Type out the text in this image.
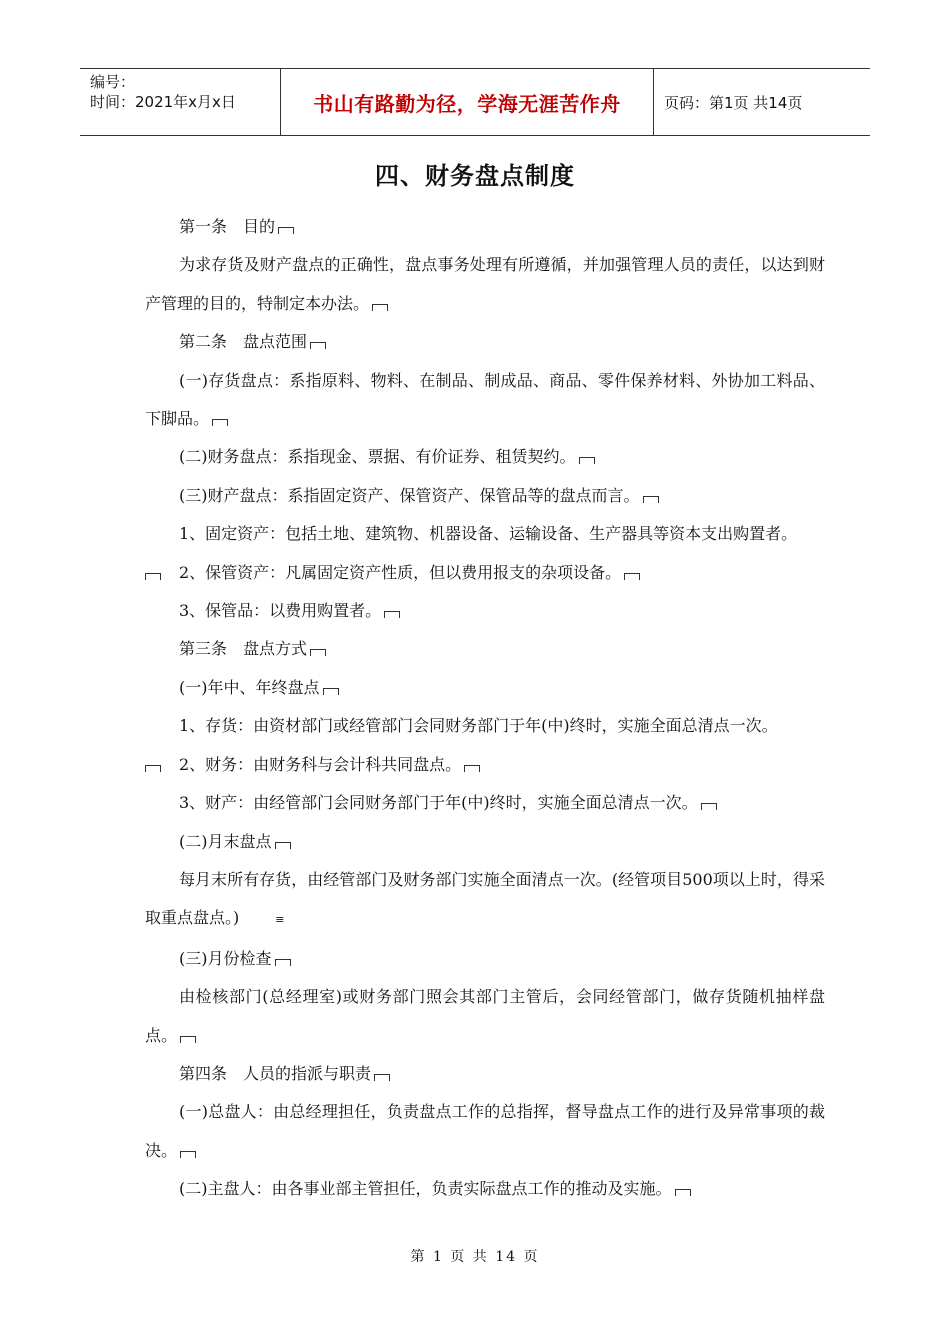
编号：
时间：2021年x月x日	书山有路勤为径，学海无涯苦作舟	页码：第1页 共14页
四、财务盘点制度

第一条　目的

为求存货及财产盘点的正确性，盘点事务处理有所遵循，并加强管理人员的责任，以达到财产管理的目的，特制定本办法。

第二条　盘点范围

(一)存货盘点：系指原料、物料、在制品、制成品、商品、零件保养材料、外协加工料品、下脚品。

(二)财务盘点：系指现金、票据、有价证券、租赁契约。

(三)财产盘点：系指固定资产、保管资产、保管品等的盘点而言。

1、固定资产：包括土地、建筑物、机器设备、运输设备、生产器具等资本支出购置者。

2、保管资产：凡属固定资产性质，但以费用报支的杂项设备。

3、保管品：以费用购置者。

第三条　盘点方式

(一)年中、年终盘点

1、存货：由资材部门或经管部门会同财务部门于年(中)终时，实施全面总清点一次。

2、财务：由财务科与会计科共同盘点。

3、财产：由经管部门会同财务部门于年(中)终时，实施全面总清点一次。

(二)月末盘点

每月末所有存货，由经管部门及财务部门实施全面清点一次。(经管项目500项以上时，得采取重点盘点。)	≡

(三)月份检查

由检核部门(总经理室)或财务部门照会其部门主管后，会同经管部门，做存货随机抽样盘点。

第四条　人员的指派与职责

(一)总盘人：由总经理担任，负责盘点工作的总指挥，督导盘点工作的进行及异常事项的裁决。

(二)主盘人：由各事业部主管担任，负责实际盘点工作的推动及实施。

第 1 页 共 14 页
